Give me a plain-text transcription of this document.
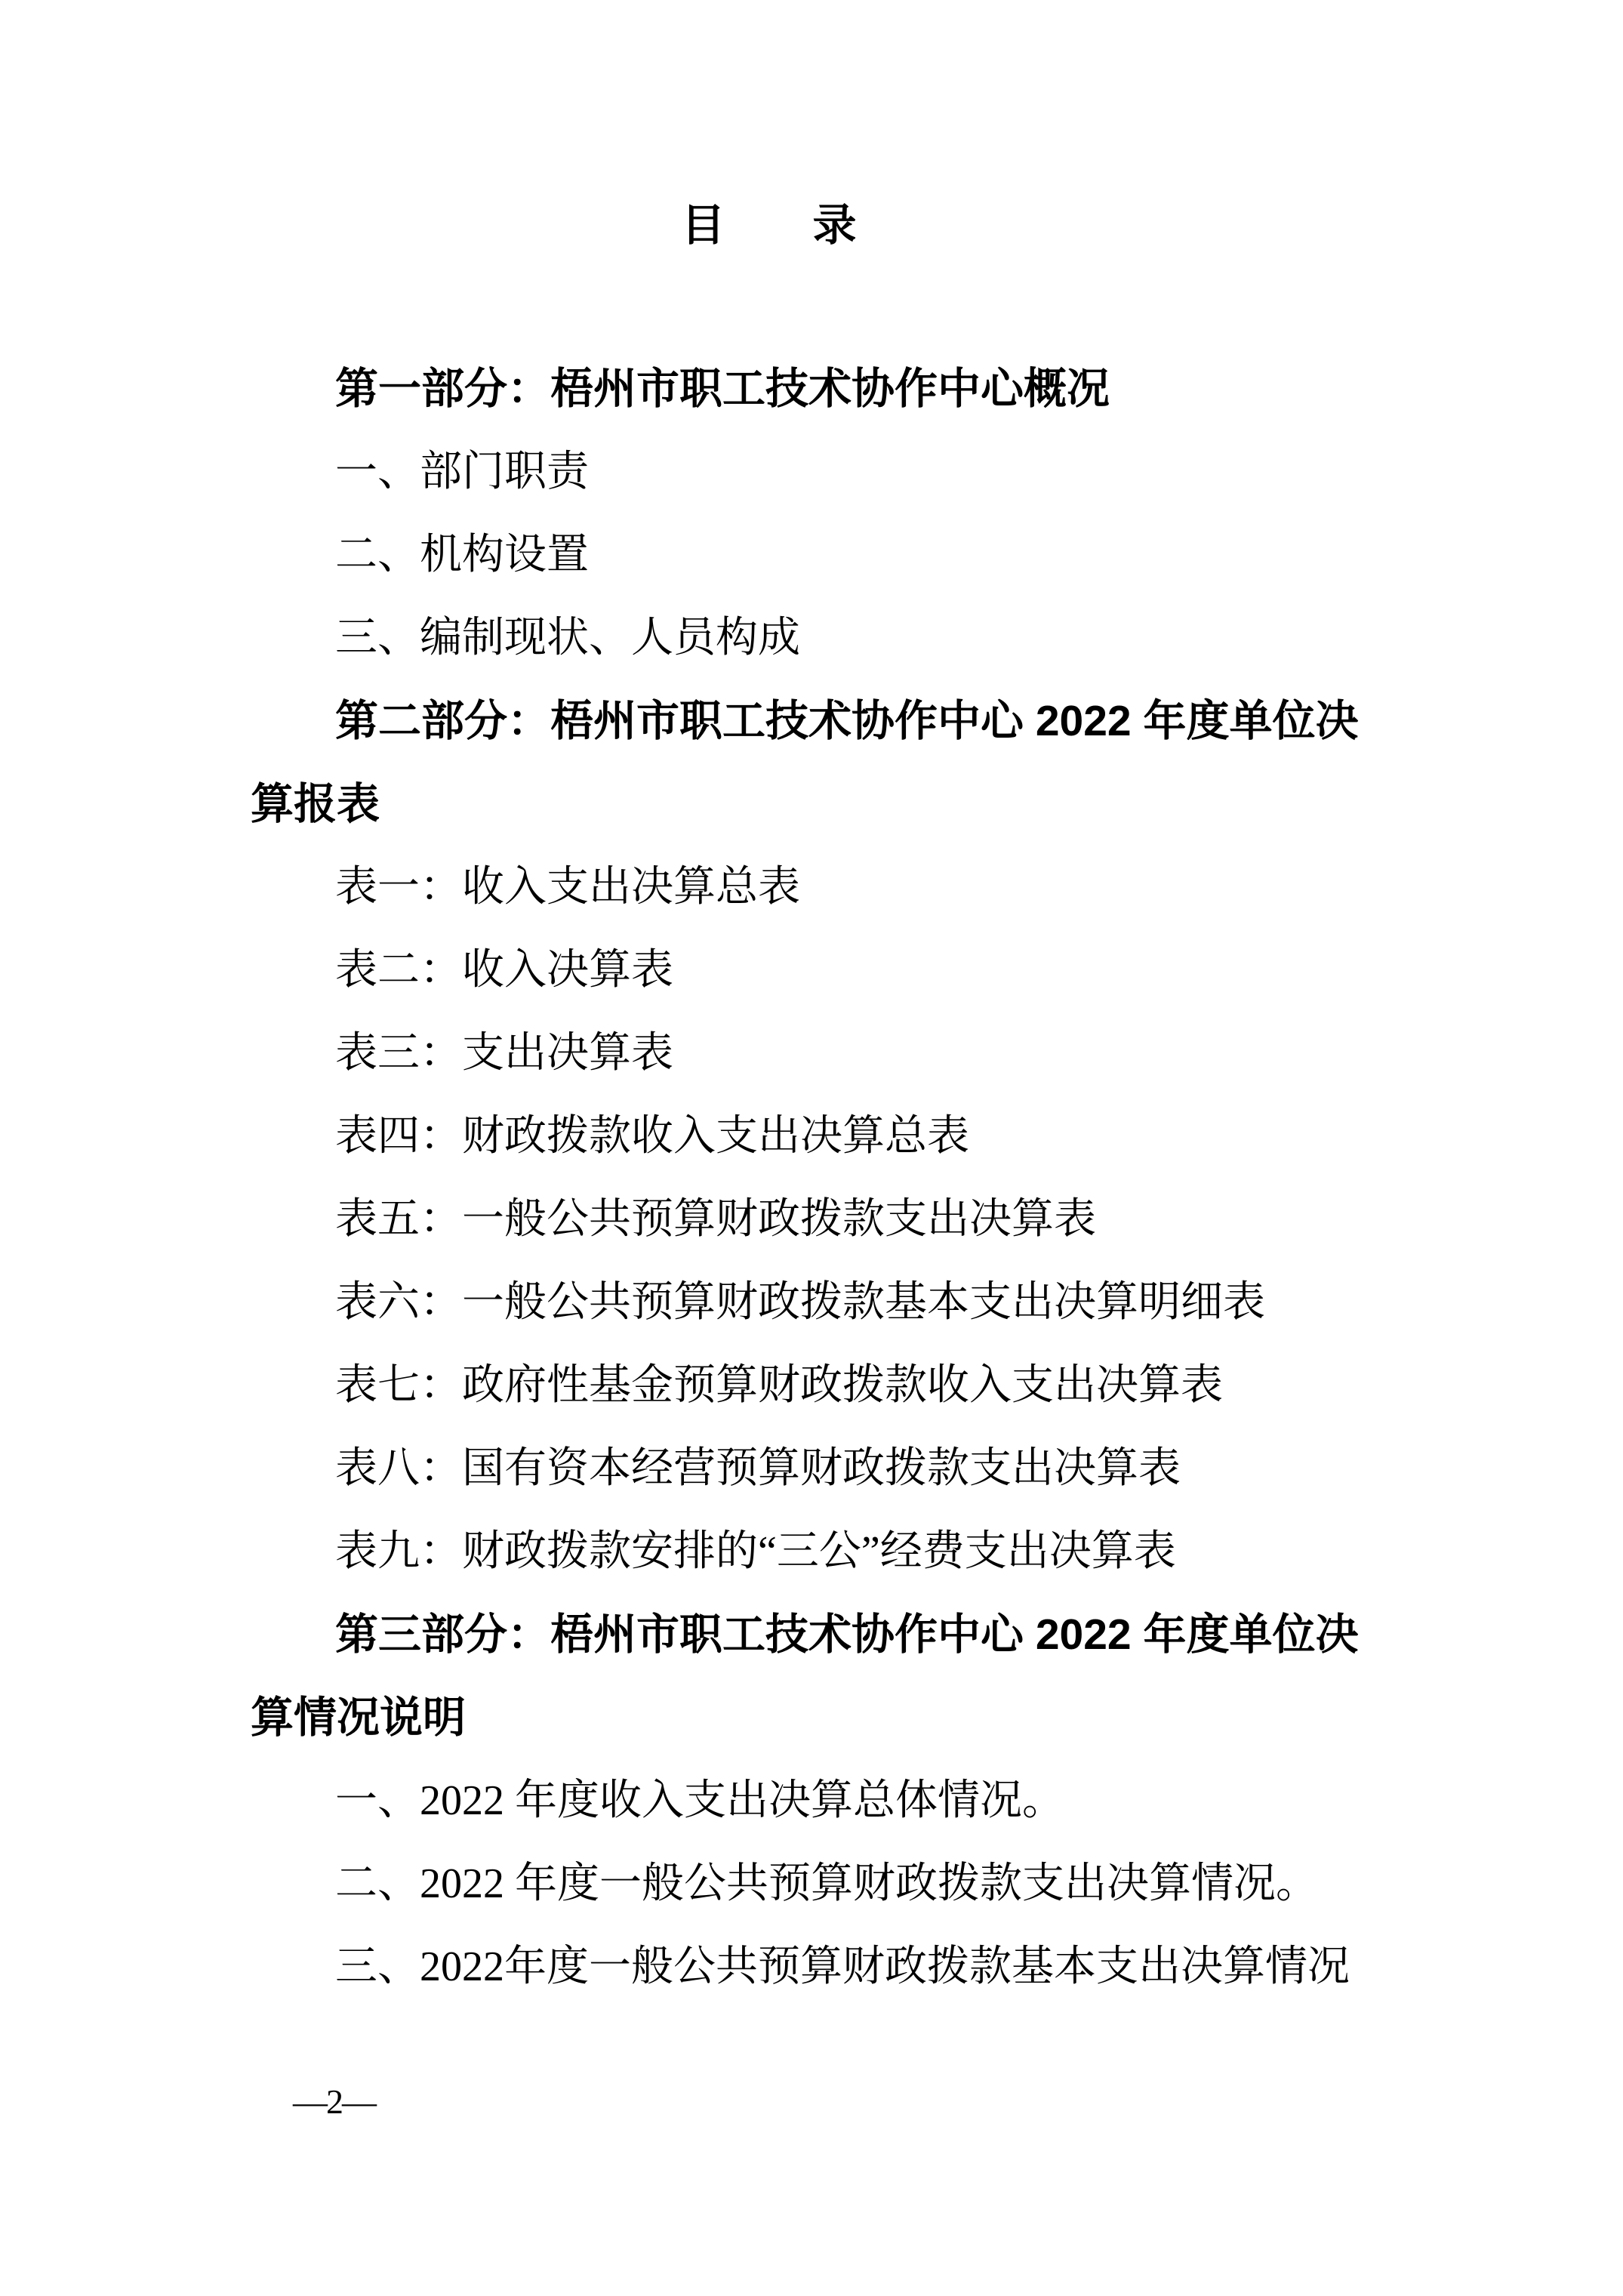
目　　录

第一部分：梧州市职工技术协作中心概况

一、部门职责

二、机构设置

三、编制现状、人员构成

第二部分：梧州市职工技术协作中心 2022 年度单位决
算报表

表一：收入支出决算总表

表二：收入决算表

表三：支出决算表

表四：财政拨款收入支出决算总表

表五：一般公共预算财政拨款支出决算表

表六：一般公共预算财政拨款基本支出决算明细表

表七：政府性基金预算财政拨款收入支出决算表

表八：国有资本经营预算财政拨款支出决算表

表九：财政拨款安排的“三公”经费支出决算表

第三部分：梧州市职工技术协作中心 2022 年度单位决
算情况说明

一、2022 年度收入支出决算总体情况。

二、2022 年度一般公共预算财政拨款支出决算情况。

三、2022年度一般公共预算财政拨款基本支出决算情况

—2—
